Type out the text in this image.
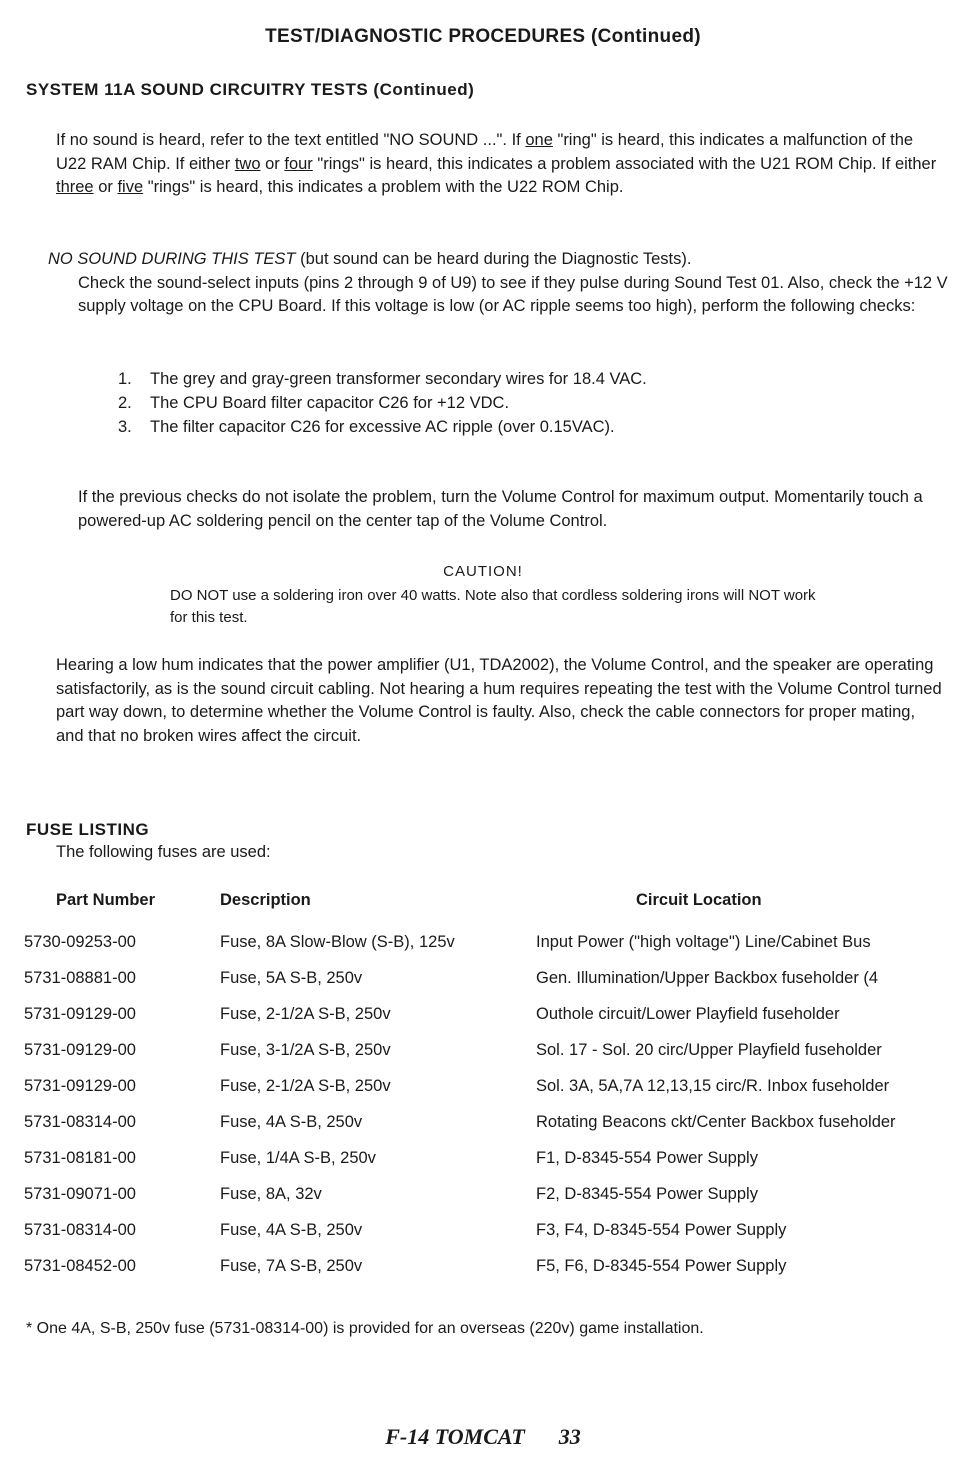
TEST/DIAGNOSTIC PROCEDURES (Continued)
SYSTEM 11A SOUND CIRCUITRY TESTS (Continued)

If no sound is heard, refer to the text entitled "NO SOUND ...". If one "ring" is heard, this indicates a malfunction of the U22 RAM Chip. If either two or four "rings" is heard, this indicates a problem associated with the U21 ROM Chip. If either three or five "rings" is heard, this indicates a problem with the U22 ROM Chip.

NO SOUND DURING THIS TEST (but sound can be heard during the Diagnostic Tests).

Check the sound-select inputs (pins 2 through 9 of U9) to see if they pulse during Sound Test 01. Also, check the +12 V supply voltage on the CPU Board. If this voltage is low (or AC ripple seems too high), perform the following checks:

1.	The grey and gray-green transformer secondary wires for 18.4 VAC.
2.	The CPU Board filter capacitor C26 for +12 VDC.
3.	The filter capacitor C26 for excessive AC ripple (over 0.15VAC).
If the previous checks do not isolate the problem, turn the Volume Control for maximum output. Momentarily touch a powered-up AC soldering pencil on the center tap of the Volume Control.
CAUTION!
DO NOT use a soldering iron over 40 watts. Note also that cordless soldering irons will NOT work for this test.
Hearing a low hum indicates that the power amplifier (U1, TDA2002), the Volume Control, and the speaker are operating satisfactorily, as is the sound circuit cabling. Not hearing a hum requires repeating the test with the Volume Control turned part way down, to determine whether the Volume Control is faulty. Also, check the cable connectors for proper mating, and that no broken wires affect the circuit.
FUSE LISTING
The following fuses are used:
Part Number	Description	Circuit Location
5730-09253-00	Fuse, 8A Slow-Blow (S-B), 125v	Input Power ("high voltage") Line/Cabinet Bus
5731-08881-00	Fuse, 5A S-B, 250v	Gen. Illumination/Upper Backbox fuseholder (4
5731-09129-00	Fuse, 2-1/2A S-B, 250v	Outhole circuit/Lower Playfield fuseholder
5731-09129-00	Fuse, 3-1/2A S-B, 250v	Sol. 17 - Sol. 20 circ/Upper Playfield fuseholder
5731-09129-00	Fuse, 2-1/2A S-B, 250v	Sol. 3A, 5A,7A 12,13,15 circ/R. Inbox fuseholder
5731-08314-00	Fuse, 4A S-B, 250v	Rotating Beacons ckt/Center Backbox fuseholder
5731-08181-00	Fuse, 1/4A S-B, 250v	F1, D-8345-554 Power Supply
5731-09071-00	Fuse, 8A, 32v	F2, D-8345-554 Power Supply
5731-08314-00	Fuse, 4A S-B, 250v	F3, F4, D-8345-554 Power Supply
5731-08452-00	Fuse, 7A S-B, 250v	F5, F6, D-8345-554 Power Supply
* One 4A, S-B, 250v fuse (5731-08314-00) is provided for an overseas (220v) game installation.
F-14 TOMCAT 33
